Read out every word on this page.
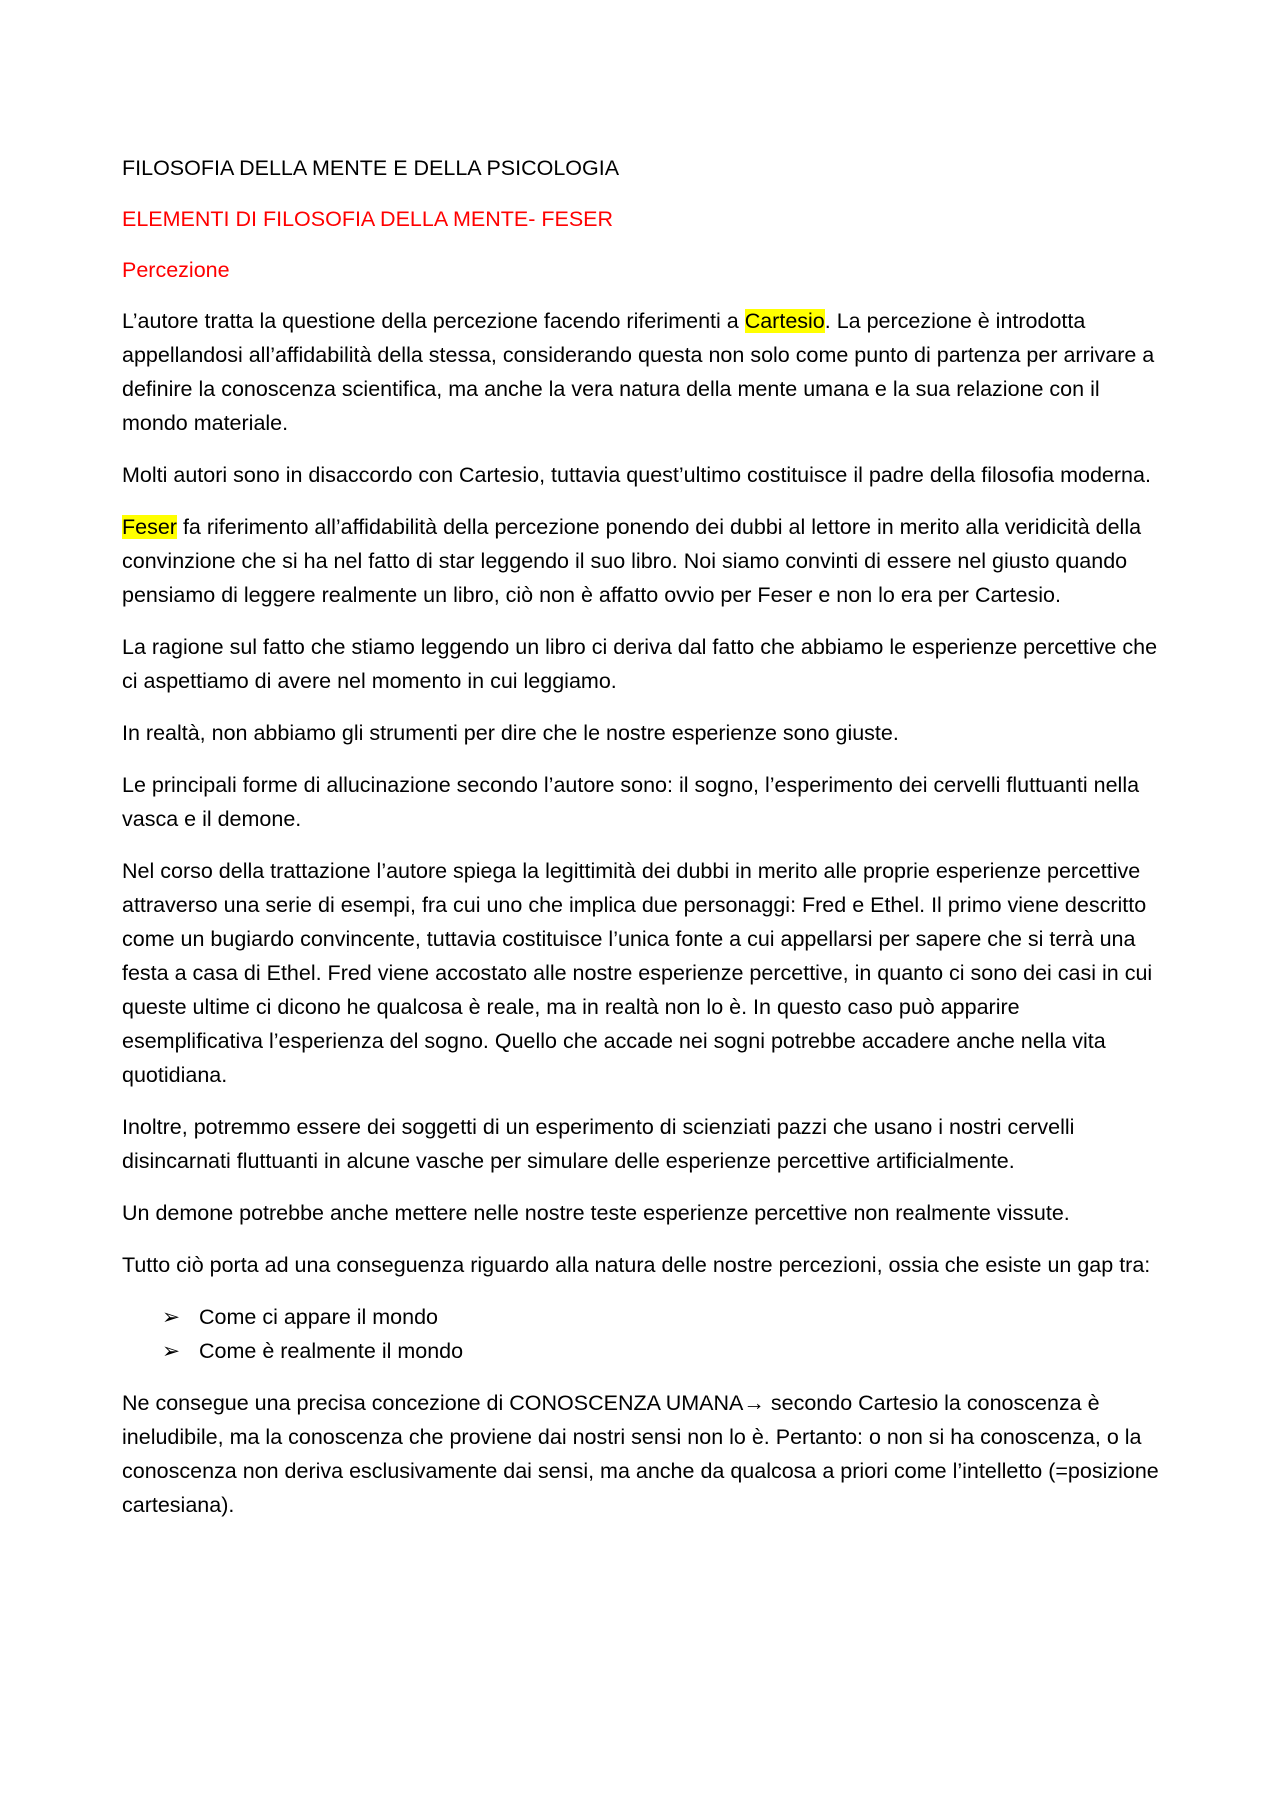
FILOSOFIA DELLA MENTE E DELLA PSICOLOGIA

ELEMENTI DI FILOSOFIA DELLA MENTE- FESER

Percezione

L’autore tratta la questione della percezione facendo riferimenti a Cartesio. La percezione è introdotta appellandosi all’affidabilità della stessa, considerando questa non solo come punto di partenza per arrivare a definire la conoscenza scientifica, ma anche la vera natura della mente umana e la sua relazione con il mondo materiale.

Molti autori sono in disaccordo con Cartesio, tuttavia quest’ultimo costituisce il padre della filosofia moderna.

Feser fa riferimento all’affidabilità della percezione ponendo dei dubbi al lettore in merito alla veridicità della convinzione che si ha nel fatto di star leggendo il suo libro. Noi siamo convinti di essere nel giusto quando pensiamo di leggere realmente un libro, ciò non è affatto ovvio per Feser e non lo era per Cartesio.

La ragione sul fatto che stiamo leggendo un libro ci deriva dal fatto che abbiamo le esperienze percettive che ci aspettiamo di avere nel momento in cui leggiamo.

In realtà, non abbiamo gli strumenti per dire che le nostre esperienze sono giuste.

Le principali forme di allucinazione secondo l’autore sono: il sogno, l’esperimento dei cervelli fluttuanti nella vasca e il demone.

Nel corso della trattazione l’autore spiega la legittimità dei dubbi in merito alle proprie esperienze percettive attraverso una serie di esempi, fra cui uno che implica due personaggi: Fred e Ethel. Il primo viene descritto come un bugiardo convincente, tuttavia costituisce l’unica fonte a cui appellarsi per sapere che si terrà una festa a casa di Ethel. Fred viene accostato alle nostre esperienze percettive, in quanto ci sono dei casi in cui queste ultime ci dicono he qualcosa è reale, ma in realtà non lo è. In questo caso può apparire esemplificativa l’esperienza del sogno. Quello che accade nei sogni potrebbe accadere anche nella vita quotidiana.

Inoltre, potremmo essere dei soggetti di un esperimento di scienziati pazzi che usano i nostri cervelli disincarnati fluttuanti in alcune vasche per simulare delle esperienze percettive artificialmente.

Un demone potrebbe anche mettere nelle nostre teste esperienze percettive non realmente vissute.

Tutto ciò porta ad una conseguenza riguardo alla natura delle nostre percezioni, ossia che esiste un gap tra:

➢ Come ci appare il mondo
➢ Come è realmente il mondo

Ne consegue una precisa concezione di CONOSCENZA UMANA→ secondo Cartesio la conoscenza è ineludibile, ma la conoscenza che proviene dai nostri sensi non lo è. Pertanto: o non si ha conoscenza, o la conoscenza non deriva esclusivamente dai sensi, ma anche da qualcosa a priori come l’intelletto (=posizione cartesiana).
